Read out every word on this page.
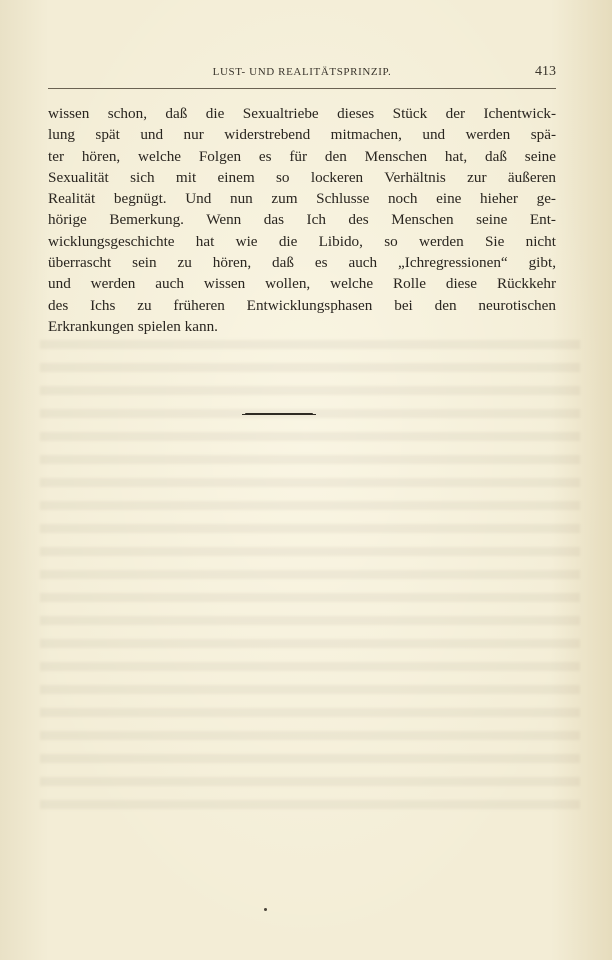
LUST- UND REALITÄTSPRINZIP.	413
wissen schon, daß die Sexualtriebe dieses Stück der Ichentwick-
lung spät und nur widerstrebend mitmachen, und werden spä-
ter hören, welche Folgen es für den Menschen hat, daß seine
Sexualität sich mit einem so lockeren Verhältnis zur äußeren
Realität begnügt. Und nun zum Schlusse noch eine hieher ge-
hörige Bemerkung. Wenn das Ich des Menschen seine Ent-
wicklungsgeschichte hat wie die Libido, so werden Sie nicht
überrascht sein zu hören, daß es auch „Ichregressionen“ gibt,
und werden auch wissen wollen, welche Rolle diese Rückkehr
des Ichs zu früheren Entwicklungsphasen bei den neurotischen
Erkrankungen spielen kann.
